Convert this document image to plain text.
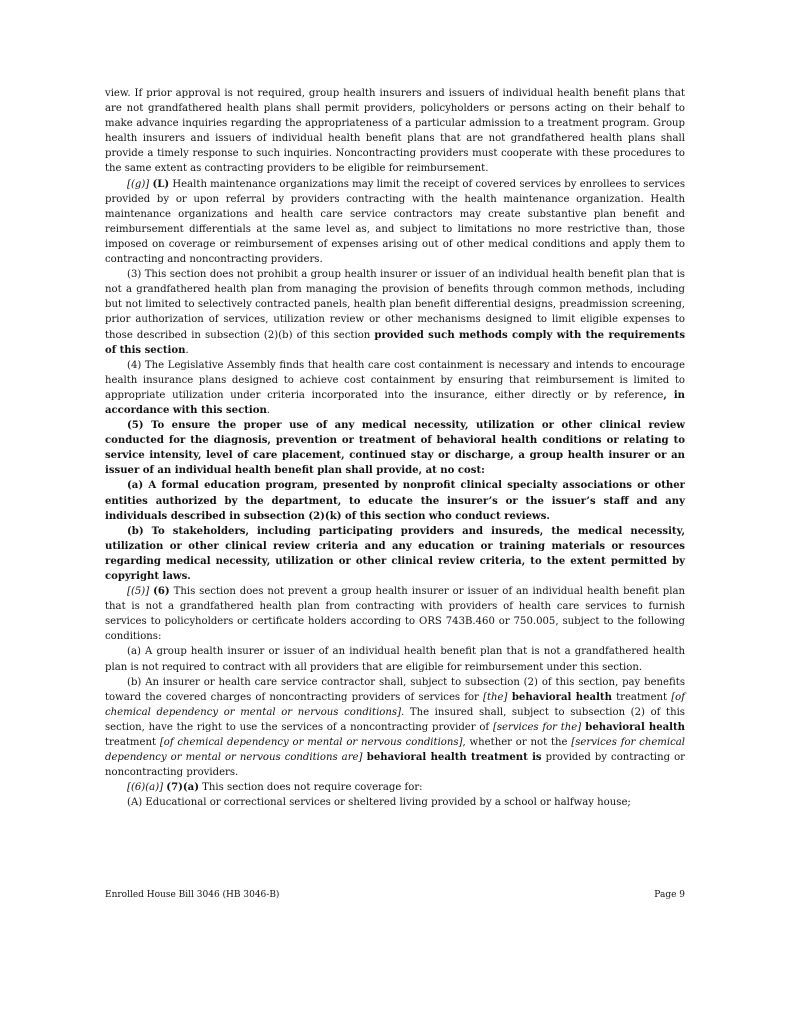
view. If prior approval is not required, group health insurers and issuers of individual health benefit plans that are not grandfathered health plans shall permit providers, policyholders or persons acting on their behalf to make advance inquiries regarding the appropriateness of a particular admission to a treatment program. Group health insurers and issuers of individual health benefit plans that are not grandfathered health plans shall provide a timely response to such inquiries. Noncontracting providers must cooperate with these procedures to the same extent as contracting providers to be eligible for reimbursement.

[(g)] (L) Health maintenance organizations may limit the receipt of covered services by enrollees to services provided by or upon referral by providers contracting with the health maintenance organization. Health maintenance organizations and health care service contractors may create substantive plan benefit and reimbursement differentials at the same level as, and subject to limitations no more restrictive than, those imposed on coverage or reimbursement of expenses arising out of other medical conditions and apply them to contracting and noncontracting providers.

(3) This section does not prohibit a group health insurer or issuer of an individual health benefit plan that is not a grandfathered health plan from managing the provision of benefits through common methods, including but not limited to selectively contracted panels, health plan benefit differential designs, preadmission screening, prior authorization of services, utilization review or other mechanisms designed to limit eligible expenses to those described in subsection (2)(b) of this section provided such methods comply with the requirements of this section.

(4) The Legislative Assembly finds that health care cost containment is necessary and intends to encourage health insurance plans designed to achieve cost containment by ensuring that reimbursement is limited to appropriate utilization under criteria incorporated into the insurance, either directly or by reference, in accordance with this section.

(5) To ensure the proper use of any medical necessity, utilization or other clinical review conducted for the diagnosis, prevention or treatment of behavioral health conditions or relating to service intensity, level of care placement, continued stay or discharge, a group health insurer or an issuer of an individual health benefit plan shall provide, at no cost:

(a) A formal education program, presented by nonprofit clinical specialty associations or other entities authorized by the department, to educate the insurer’s or the issuer’s staff and any individuals described in subsection (2)(k) of this section who conduct reviews.

(b) To stakeholders, including participating providers and insureds, the medical necessity, utilization or other clinical review criteria and any education or training materials or resources regarding medical necessity, utilization or other clinical review criteria, to the extent permitted by copyright laws.

[(5)] (6) This section does not prevent a group health insurer or issuer of an individual health benefit plan that is not a grandfathered health plan from contracting with providers of health care services to furnish services to policyholders or certificate holders according to ORS 743B.460 or 750.005, subject to the following conditions:

(a) A group health insurer or issuer of an individual health benefit plan that is not a grandfathered health plan is not required to contract with all providers that are eligible for reimbursement under this section.

(b) An insurer or health care service contractor shall, subject to subsection (2) of this section, pay benefits toward the covered charges of noncontracting providers of services for [the] behavioral health treatment [of chemical dependency or mental or nervous conditions]. The insured shall, subject to subsection (2) of this section, have the right to use the services of a noncontracting provider of [services for the] behavioral health treatment [of chemical dependency or mental or nervous conditions], whether or not the [services for chemical dependency or mental or nervous conditions are] behavioral health treatment is provided by contracting or noncontracting providers.

[(6)(a)] (7)(a) This section does not require coverage for:

(A) Educational or correctional services or sheltered living provided by a school or halfway house;

Enrolled House Bill 3046 (HB 3046-B)	Page 9
